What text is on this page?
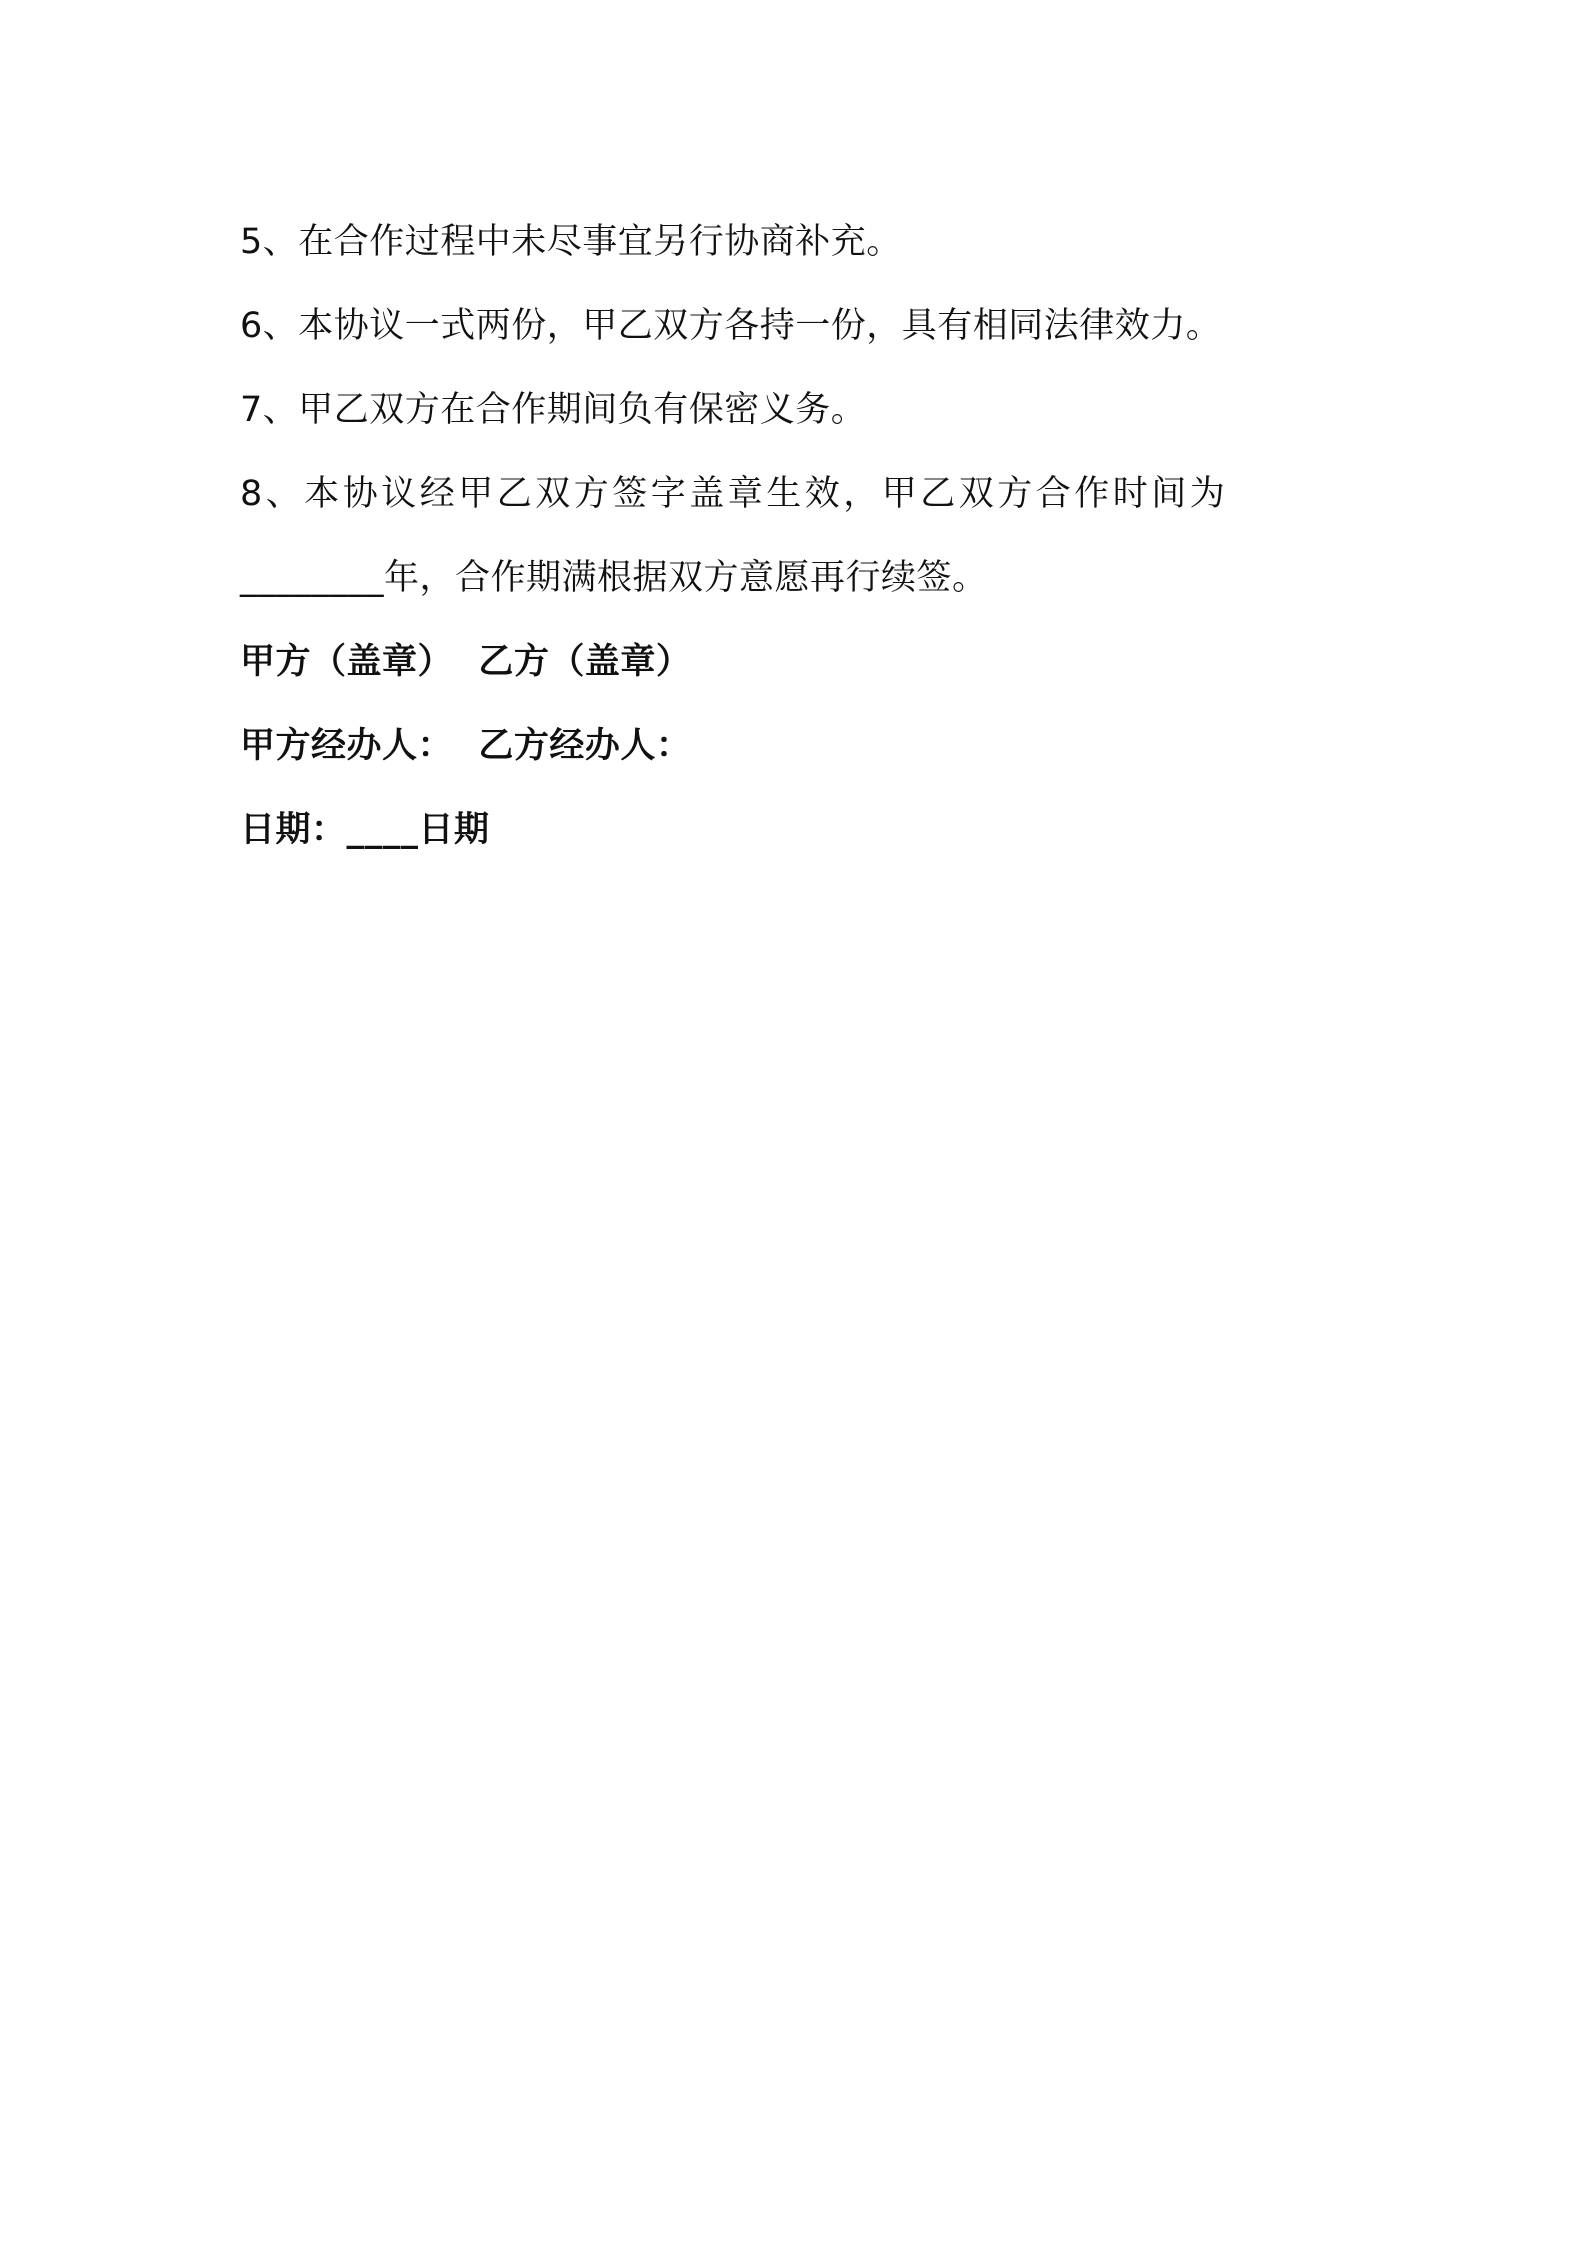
5、在合作过程中未尽事宜另行协商补充。
6、本协议一式两份，甲乙双方各持一份，具有相同法律效力。
7、甲乙双方在合作期间负有保密义务。
8、本协议经甲乙双方签字盖章生效，甲乙双方合作时间为
________年，合作期满根据双方意愿再行续签。
甲方（盖章）  乙方（盖章）
甲方经办人：  乙方经办人：
日期：____日期
